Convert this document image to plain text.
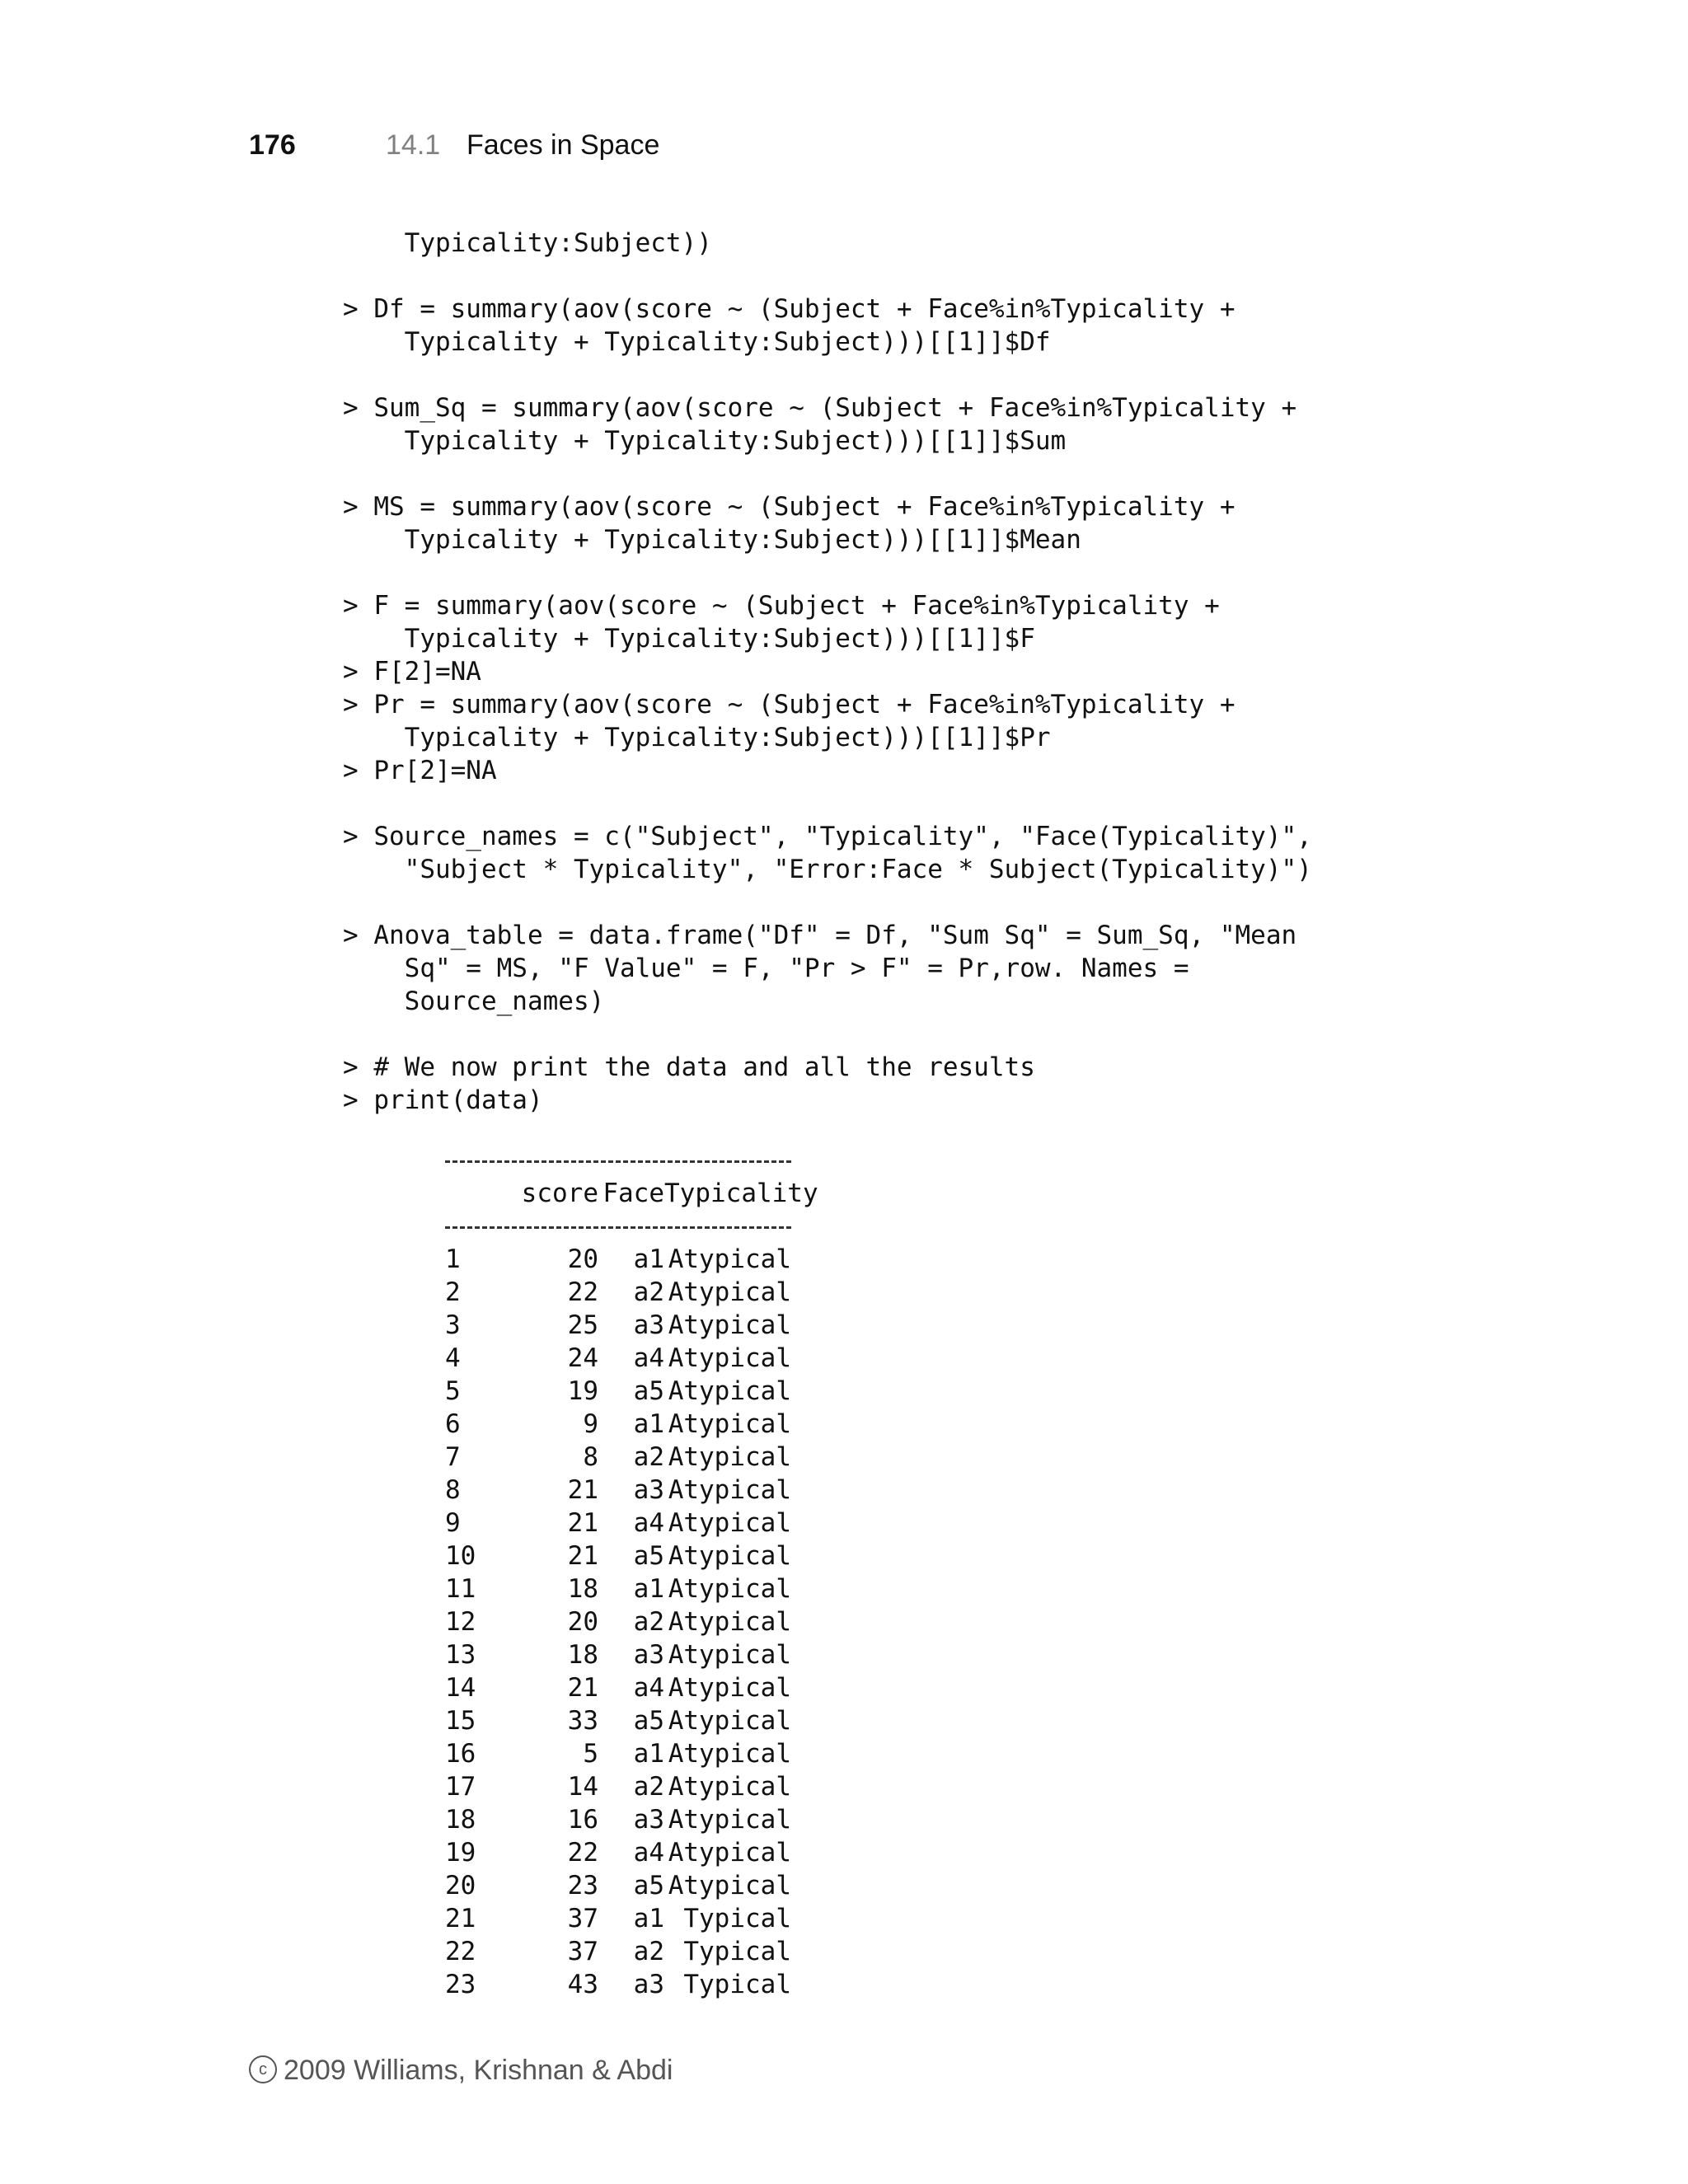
176	14.1 Faces in Space
Typicality:Subject))
> Df = summary(aov(score ~ (Subject + Face%in%Typicality +
Typicality + Typicality:Subject)))[[1]]$Df
> Sum_Sq = summary(aov(score ~ (Subject + Face%in%Typicality +
Typicality + Typicality:Subject)))[[1]]$Sum
> MS = summary(aov(score ~ (Subject + Face%in%Typicality +
Typicality + Typicality:Subject)))[[1]]$Mean
> F = summary(aov(score ~ (Subject + Face%in%Typicality +
Typicality + Typicality:Subject)))[[1]]$F
> F[2]=NA
> Pr = summary(aov(score ~ (Subject + Face%in%Typicality +
Typicality + Typicality:Subject)))[[1]]$Pr
> Pr[2]=NA
> Source_names = c("Subject", "Typicality", "Face(Typicality)",
"Subject * Typicality", "Error:Face * Subject(Typicality)")
> Anova_table = data.frame("Df" = Df, "Sum Sq" = Sum_Sq, "Mean
Sq" = MS, "F Value" = F, "Pr > F" = Pr,row. Names =
Source_names)
> # We now print the data and all the results
> print(data)
score Face Typicality
1	20	a1 Atypical
2	22	a2 Atypical
3	25	a3 Atypical
4	24	a4 Atypical
5	19	a5 Atypical
6	9	a1 Atypical
7	8	a2 Atypical
8	21	a3 Atypical
9	21	a4 Atypical
10	21	a5 Atypical
11	18	a1 Atypical
12	20	a2 Atypical
13	18	a3 Atypical
14	21	a4 Atypical
15	33	a5 Atypical
16	5	a1 Atypical
17	14	a2 Atypical
18	16	a3 Atypical
19	22	a4 Atypical
20	23	a5 Atypical
21	37	a1 Typical
22	37	a2 Typical
23	43	a3 Typical
c 2009 Williams, Krishnan & Abdi
